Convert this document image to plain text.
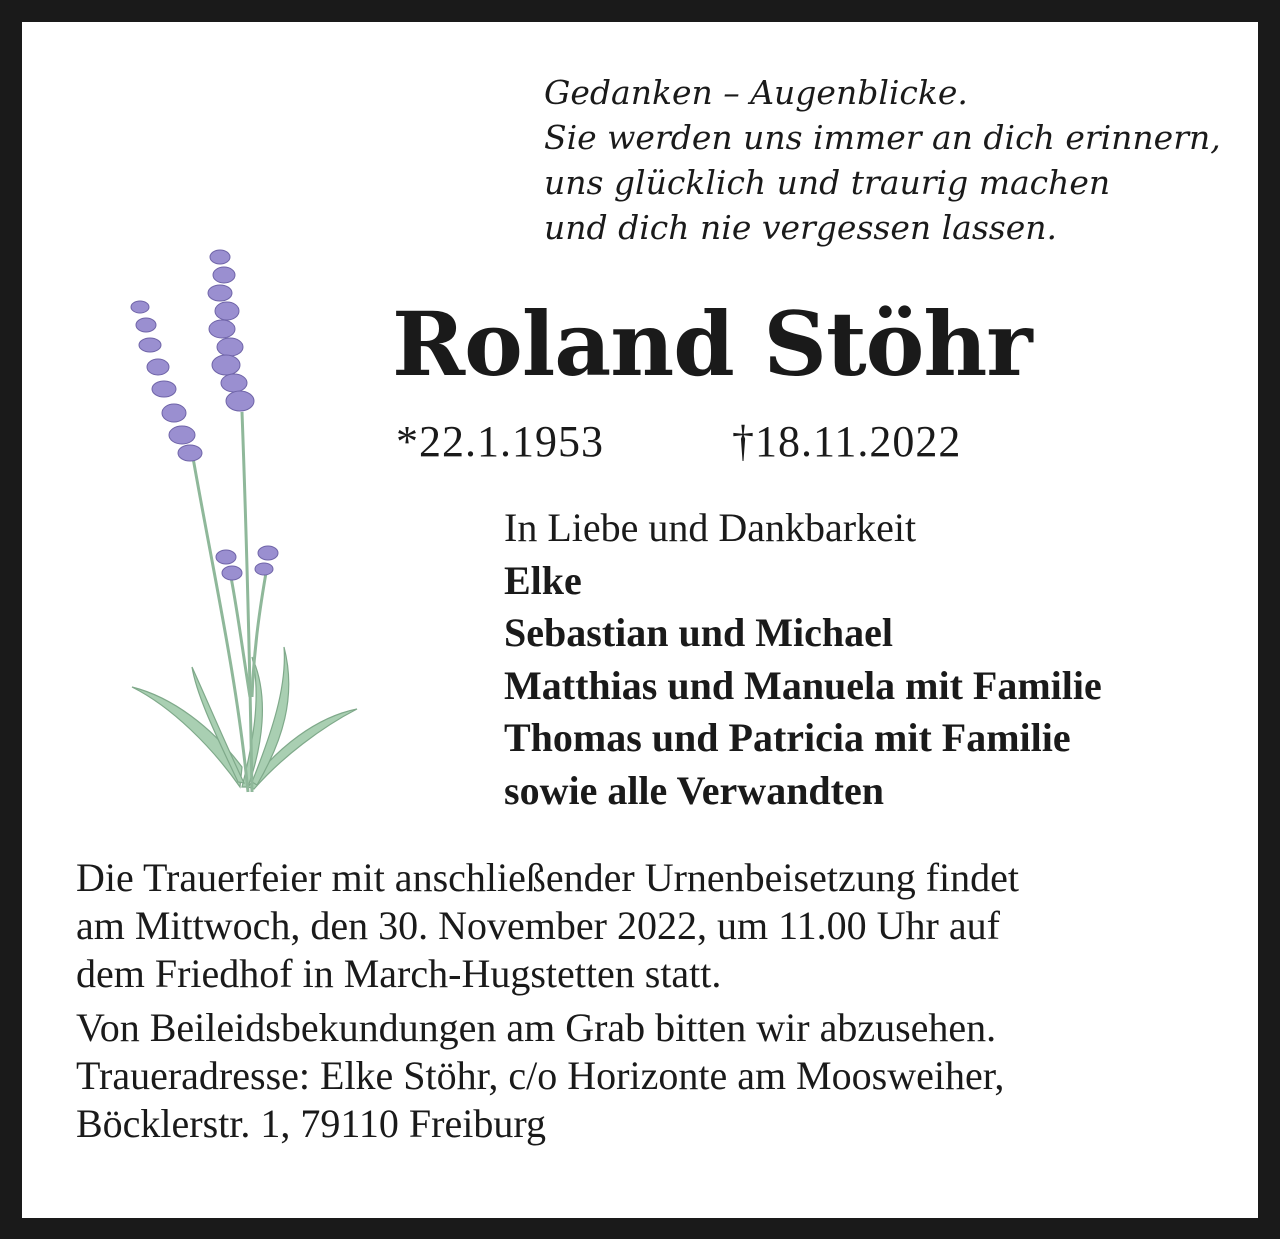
Gedanken – Augenblicke.
Sie werden uns immer an dich erinnern,
uns glücklich und traurig machen
und dich nie vergessen lassen.
Roland Stöhr
*22.1.1953	†18.11.2022
In Liebe und Dankbarkeit
Elke
Sebastian und Michael
Matthias und Manuela mit Familie
Thomas und Patricia mit Familie
sowie alle Verwandten
Die Trauerfeier mit anschließender Urnenbeisetzung findet
am Mittwoch, den 30. November 2022, um 11.00 Uhr auf
dem Friedhof in March-Hugstetten statt.
Von Beileidsbekundungen am Grab bitten wir abzusehen.
Traueradresse: Elke Stöhr, c/o Horizonte am Moosweiher,
Böcklerstr. 1, 79110 Freiburg
